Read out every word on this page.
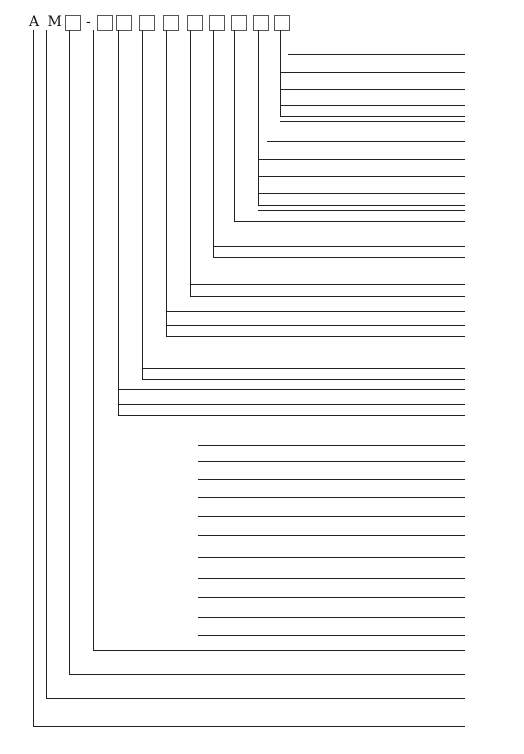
A M -
